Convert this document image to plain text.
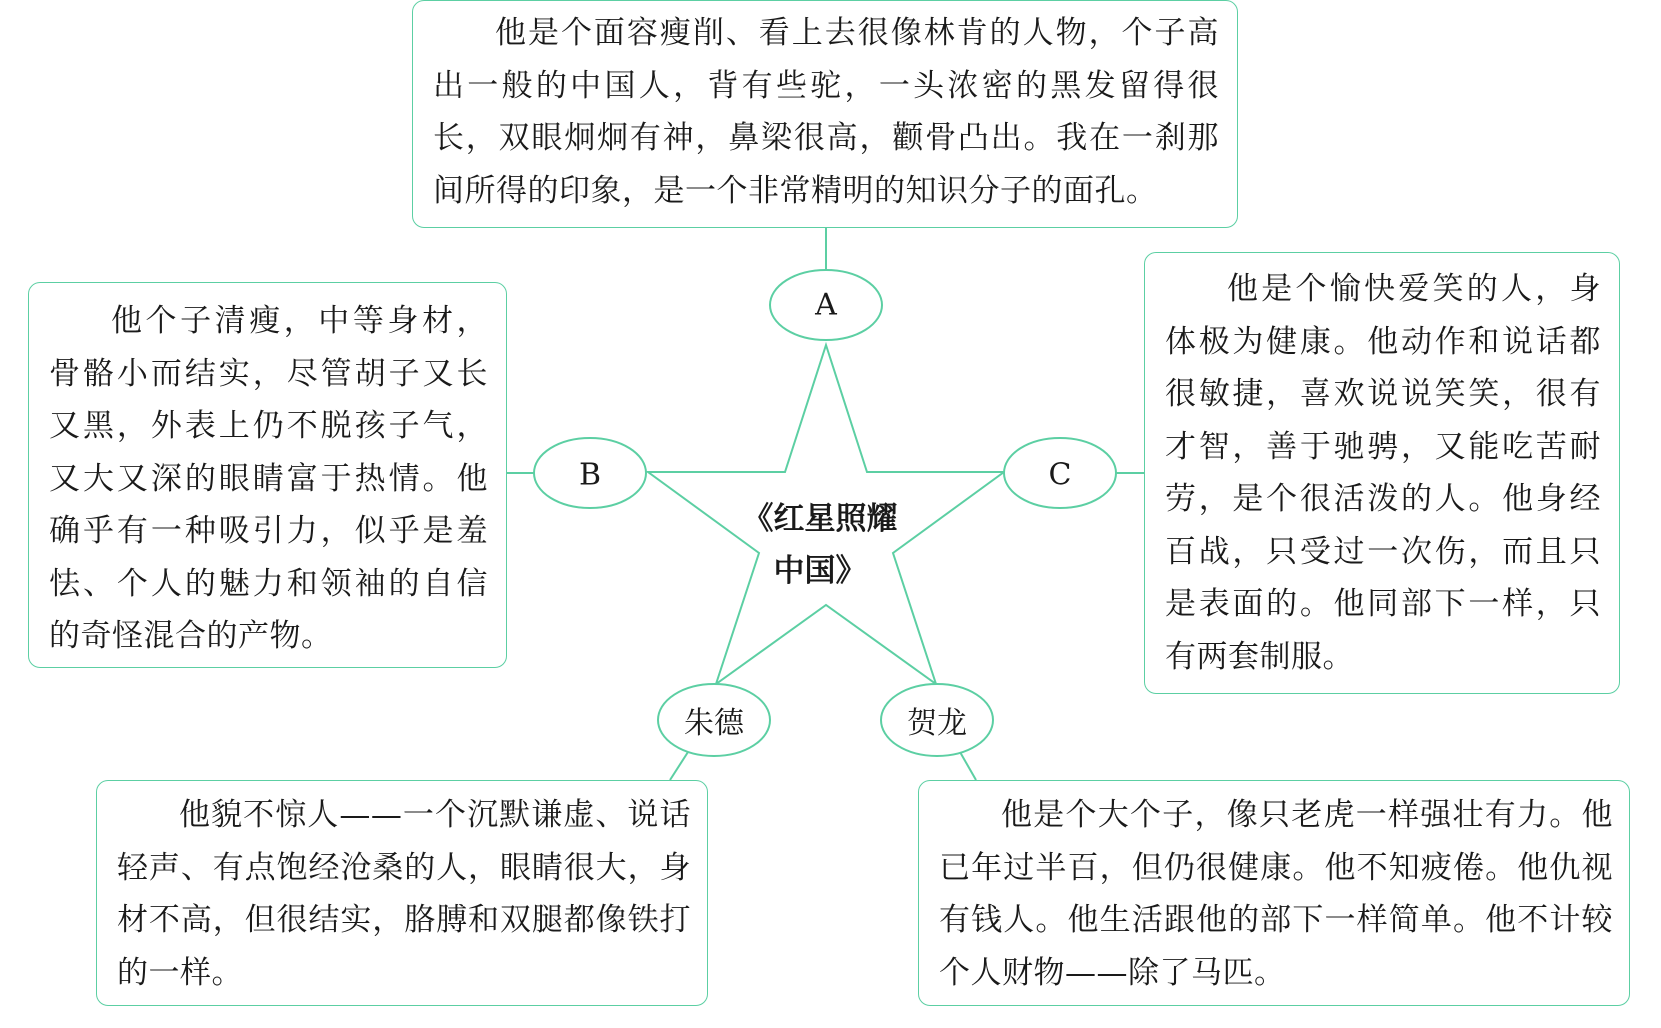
A
B	C
朱德	贺龙
《红星照耀
中国》
他是个面容瘦削、看上去很像林肯的人物，个子高出一般的中国人，背有些驼，一头浓密的黑发留得很长，双眼炯炯有神，鼻梁很高，颧骨凸出。我在一刹那间所得的印象，是一个非常精明的知识分子的面孔。
他个子清瘦，中等身材，骨骼小而结实，尽管胡子又长又黑，外表上仍不脱孩子气，又大又深的眼睛富于热情。他确乎有一种吸引力，似乎是羞怯、个人的魅力和领袖的自信的奇怪混合的产物。
他是个愉快爱笑的人，身体极为健康。他动作和说话都很敏捷，喜欢说说笑笑，很有才智，善于驰骋，又能吃苦耐劳，是个很活泼的人。他身经百战，只受过一次伤，而且只是表面的。他同部下一样，只有两套制服。
他貌不惊人——一个沉默谦虚、说话轻声、有点饱经沧桑的人，眼睛很大，身材不高，但很结实，胳膊和双腿都像铁打的一样。
他是个大个子，像只老虎一样强壮有力。他已年过半百，但仍很健康。他不知疲倦。他仇视有钱人。他生活跟他的部下一样简单。他不计较个人财物——除了马匹。
